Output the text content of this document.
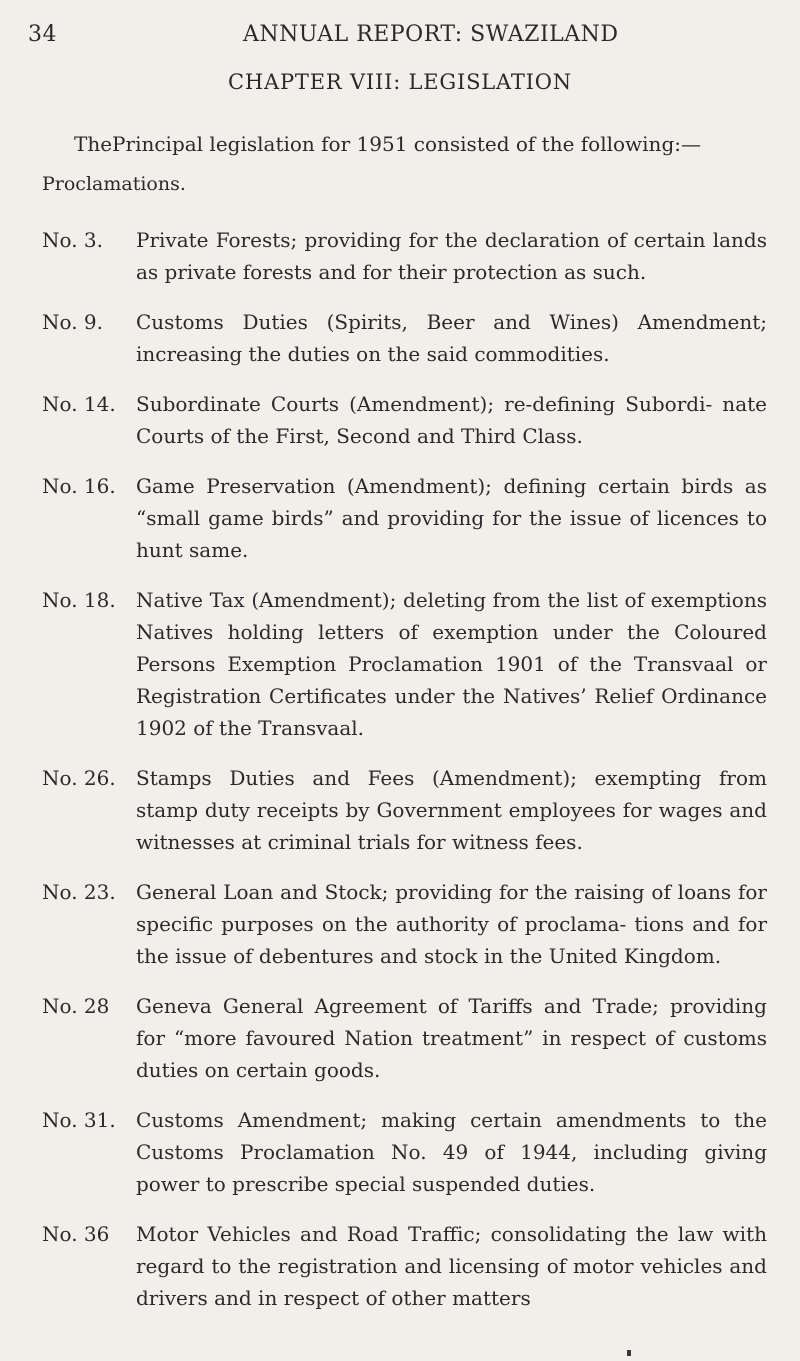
34	ANNUAL REPORT: SWAZILAND
CHAPTER VIII: LEGISLATION
ThePrincipal legislation for 1951 consisted of the following:—
Proclamations.
No. 3.	Private Forests; providing for the declaration of certain lands as private forests and for their protection as such.
No. 9.	Customs Duties (Spirits, Beer and Wines) Amendment; increasing the duties on the said commodities.
No. 14.	Subordinate Courts (Amendment); re-defining Subordi- nate Courts of the First, Second and Third Class.
No. 16.	Game Preservation (Amendment); defining certain birds as “small game birds” and providing for the issue of licences to hunt same.
No. 18.	Native Tax (Amendment); deleting from the list of exemptions Natives holding letters of exemption under the Coloured Persons Exemption Proclamation 1901 of the Transvaal or Registration Certificates under the Natives’ Relief Ordinance 1902 of the Transvaal.
No. 26.	Stamps Duties and Fees (Amendment); exempting from stamp duty receipts by Government employees for wages and witnesses at criminal trials for witness fees.
No. 23.	General Loan and Stock; providing for the raising of loans for specific purposes on the authority of proclama- tions and for the issue of debentures and stock in the United Kingdom.
No. 28	Geneva General Agreement of Tariffs and Trade; providing for “more favoured Nation treatment” in respect of customs duties on certain goods.
No. 31.	Customs Amendment; making certain amendments to the Customs Proclamation No. 49 of 1944, including giving power to prescribe special suspended duties.
No. 36	Motor Vehicles and Road Traffic; consolidating the law with regard to the registration and licensing of motor vehicles and drivers and in respect of other matters
